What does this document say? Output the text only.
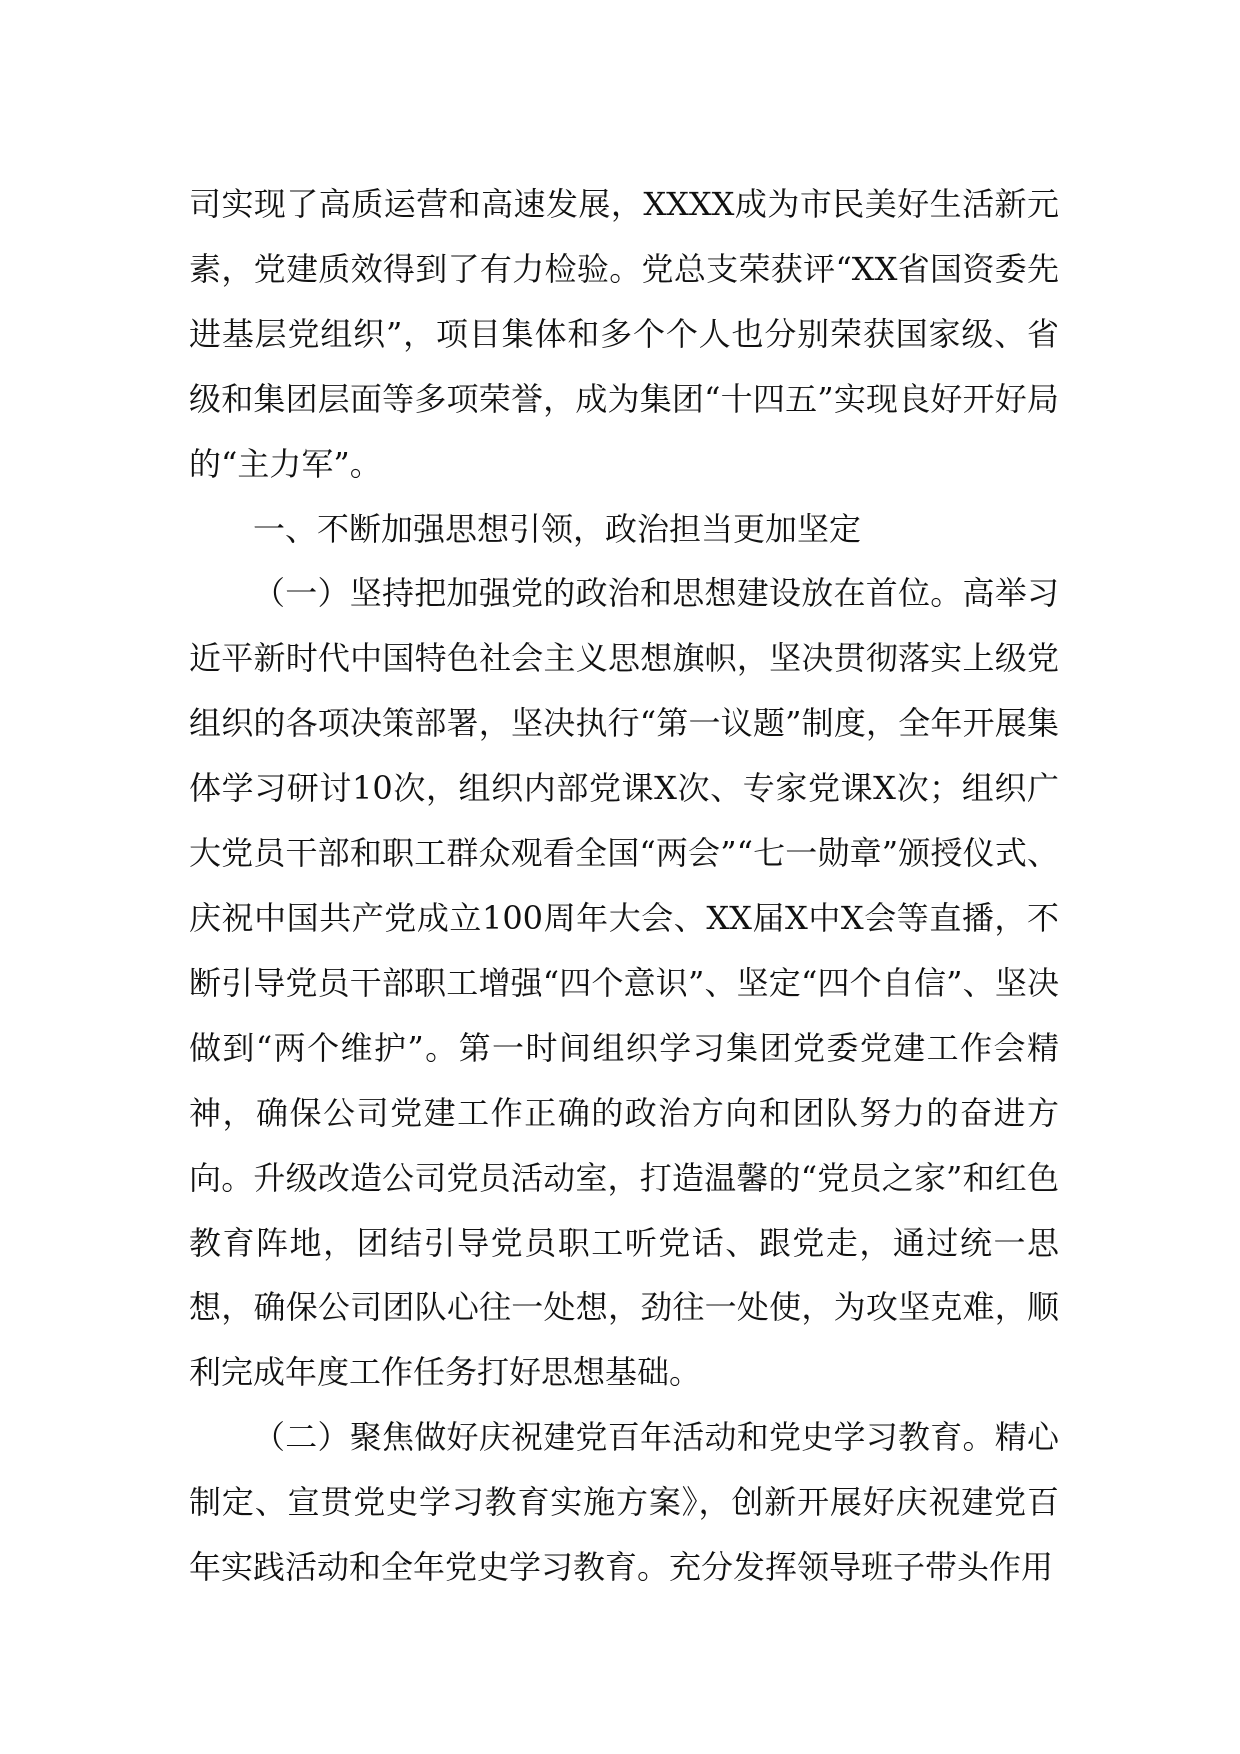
司实现了高质运营和高速发展，XXXX成为市民美好生活新元素，党建质效得到了有力检验。党总支荣获评“XX省国资委先进基层党组织”，项目集体和多个个人也分别荣获国家级、省级和集团层面等多项荣誉，成为集团“十四五”实现良好开好局的“主力军”。

一、不断加强思想引领，政治担当更加坚定

（一）坚持把加强党的政治和思想建设放在首位。高举习近平新时代中国特色社会主义思想旗帜，坚决贯彻落实上级党组织的各项决策部署，坚决执行“第一议题”制度，全年开展集体学习研讨10次，组织内部党课X次、专家党课X次；组织广大党员干部和职工群众观看全国“两会”“七一勋章”颁授仪式、庆祝中国共产党成立100周年大会、XX届X中X会等直播，不断引导党员干部职工增强“四个意识”、坚定“四个自信”、坚决做到“两个维护”。第一时间组织学习集团党委党建工作会精神，确保公司党建工作正确的政治方向和团队努力的奋进方向。升级改造公司党员活动室，打造温馨的“党员之家”和红色教育阵地，团结引导党员职工听党话、跟党走，通过统一思想，确保公司团队心往一处想，劲往一处使，为攻坚克难，顺利完成年度工作任务打好思想基础。

（二）聚焦做好庆祝建党百年活动和党史学习教育。精心制定、宣贯党史学习教育实施方案》，创新开展好庆祝建党百年实践活动和全年党史学习教育。充分发挥领导班子带头作用
